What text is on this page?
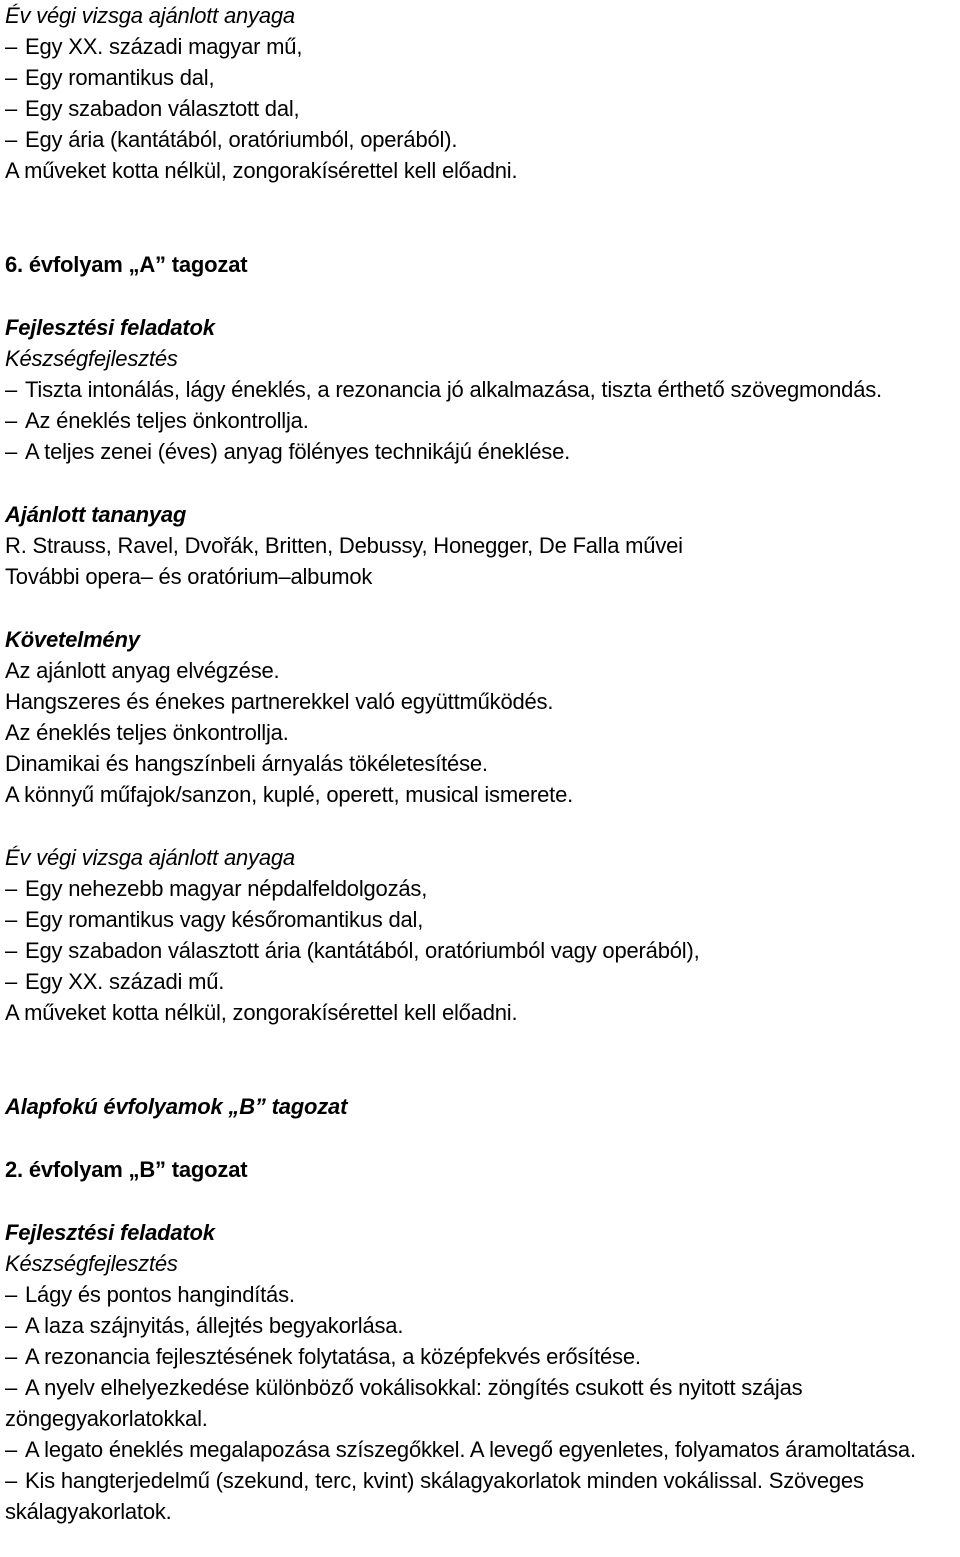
Év végi vizsga ajánlott anyaga
– Egy XX. századi magyar mű,
– Egy romantikus dal,
– Egy szabadon választott dal,
– Egy ária (kantátából, oratóriumból, operából).
A műveket kotta nélkül, zongorakísérettel kell előadni.
6. évfolyam „A” tagozat
Fejlesztési feladatok
Készségfejlesztés
– Tiszta intonálás, lágy éneklés, a rezonancia jó alkalmazása, tiszta érthető szövegmondás.
– Az éneklés teljes önkontrollja.
– A teljes zenei (éves) anyag fölényes technikájú éneklése.
Ajánlott tananyag
R. Strauss, Ravel, Dvořák, Britten, Debussy, Honegger, De Falla művei
További opera– és oratórium–albumok
Követelmény
Az ajánlott anyag elvégzése.
Hangszeres és énekes partnerekkel való együttműködés.
Az éneklés teljes önkontrollja.
Dinamikai és hangszínbeli árnyalás tökéletesítése.
A könnyű műfajok/sanzon, kuplé, operett, musical ismerete.
Év végi vizsga ajánlott anyaga
– Egy nehezebb magyar népdalfeldolgozás,
– Egy romantikus vagy későromantikus dal,
– Egy szabadon választott ária (kantátából, oratóriumból vagy operából),
– Egy XX. századi mű.
A műveket kotta nélkül, zongorakísérettel kell előadni.
Alapfokú évfolyamok „B” tagozat
2. évfolyam „B” tagozat
Fejlesztési feladatok
Készségfejlesztés
– Lágy és pontos hangindítás.
– A laza szájnyitás, állejtés begyakorlása.
– A rezonancia fejlesztésének folytatása, a középfekvés erősítése.
– A nyelv elhelyezkedése különböző vokálisokkal: zöngítés csukott és nyitott szájas
zöngegyakorlatokkal.
– A legato éneklés megalapozása szíszegőkkel. A levegő egyenletes, folyamatos áramoltatása.
– Kis hangterjedelmű (szekund, terc, kvint) skálagyakorlatok minden vokálissal. Szöveges
skálagyakorlatok.
